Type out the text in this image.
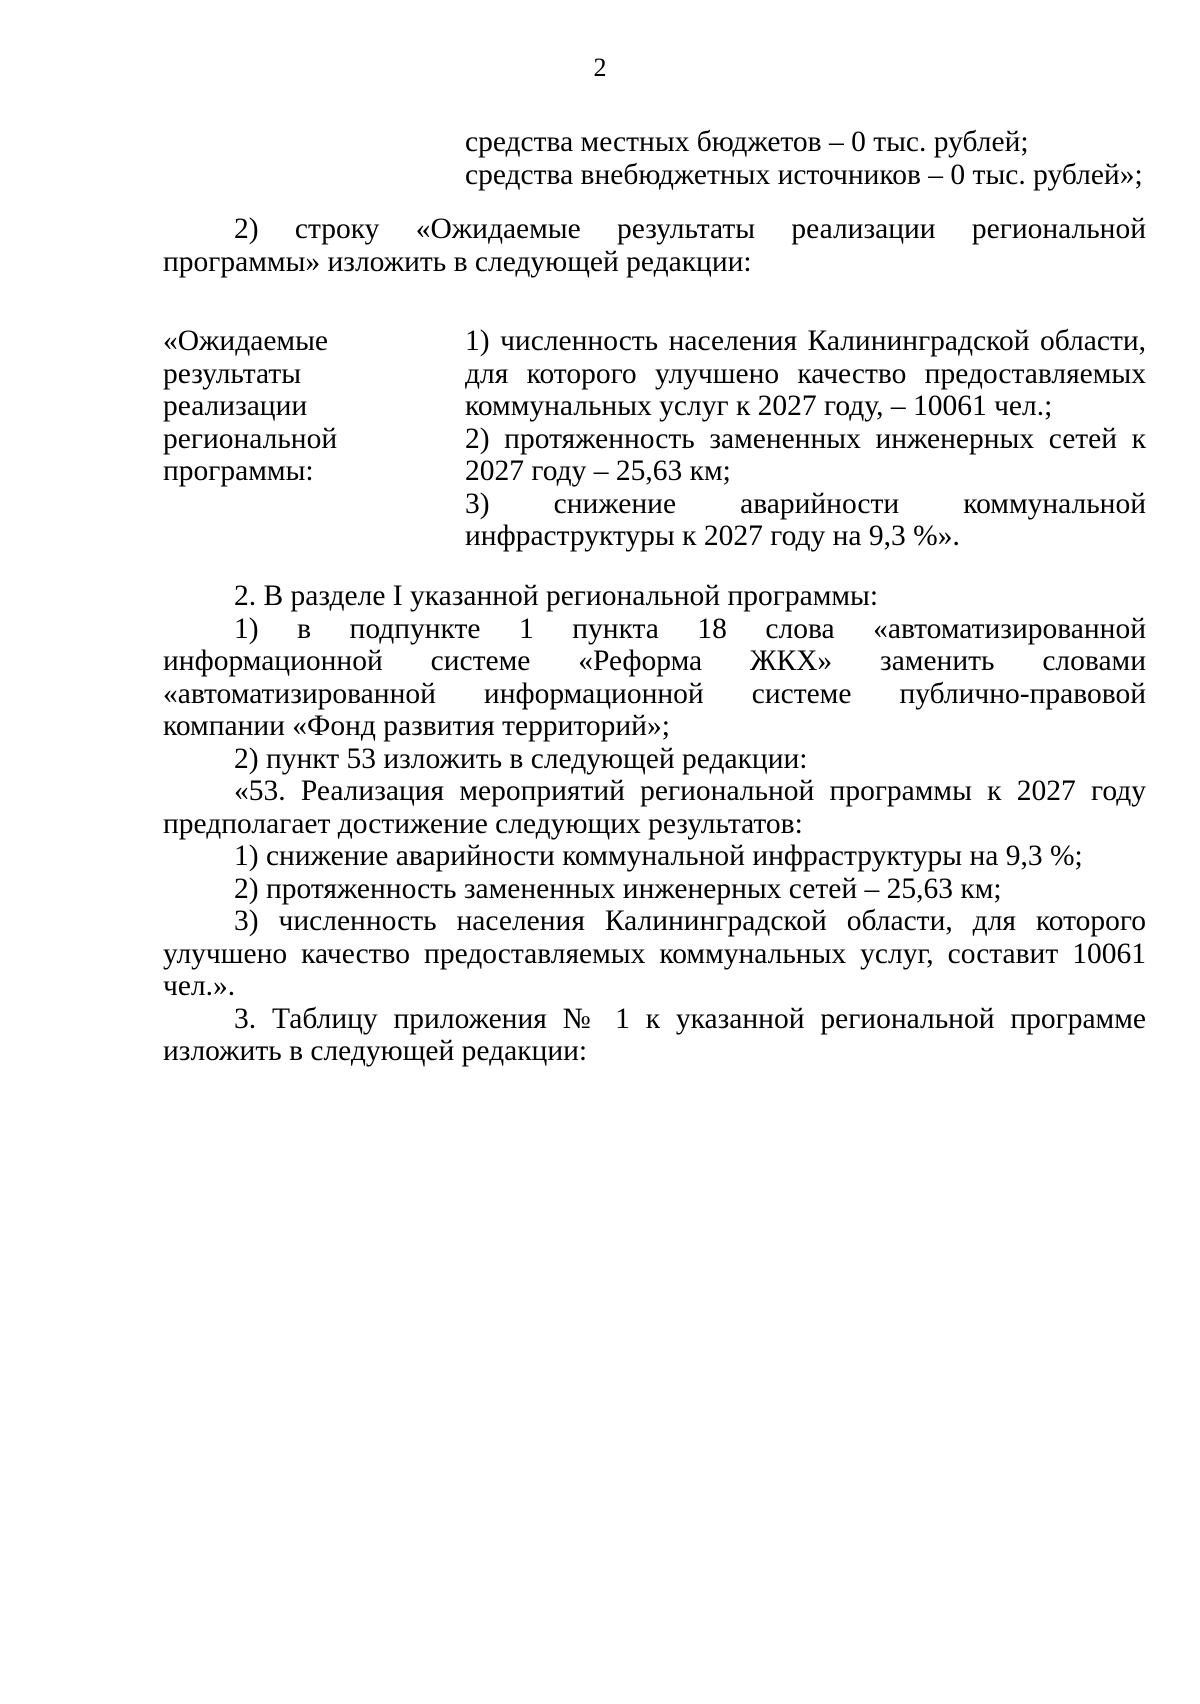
2
средства местных бюджетов – 0 тыс. рублей;
средства внебюджетных источников – 0 тыс. рублей»;

2) строку «Ожидаемые результаты реализации региональной программы» изложить в следующей редакции:

«Ожидаемые
результаты
реализации
региональной
программы:

1) численность населения Калининградской области, для которого улучшено качество предоставляемых коммунальных услуг к 2027 году, – 10061 чел.;

2) протяженность замененных инженерных сетей к 2027 году – 25,63 км;

3) снижение аварийности коммунальной инфраструктуры к 2027 году на 9,3 %».

2. В разделе I указанной региональной программы:

1) в подпункте 1 пункта 18 слова «автоматизированной информационной системе «Реформа ЖКХ» заменить словами «автоматизированной информационной системе публично-правовой компании «Фонд развития территорий»;

2) пункт 53 изложить в следующей редакции:

«53. Реализация мероприятий региональной программы к 2027 году предполагает достижение следующих результатов:

1) снижение аварийности коммунальной инфраструктуры на 9,3 %;

2) протяженность замененных инженерных сетей – 25,63 км;

3) численность населения Калининградской области, для которого улучшено качество предоставляемых коммунальных услуг, составит 10061 чел.».

3. Таблицу приложения № 1 к указанной региональной программе изложить в следующей редакции:
